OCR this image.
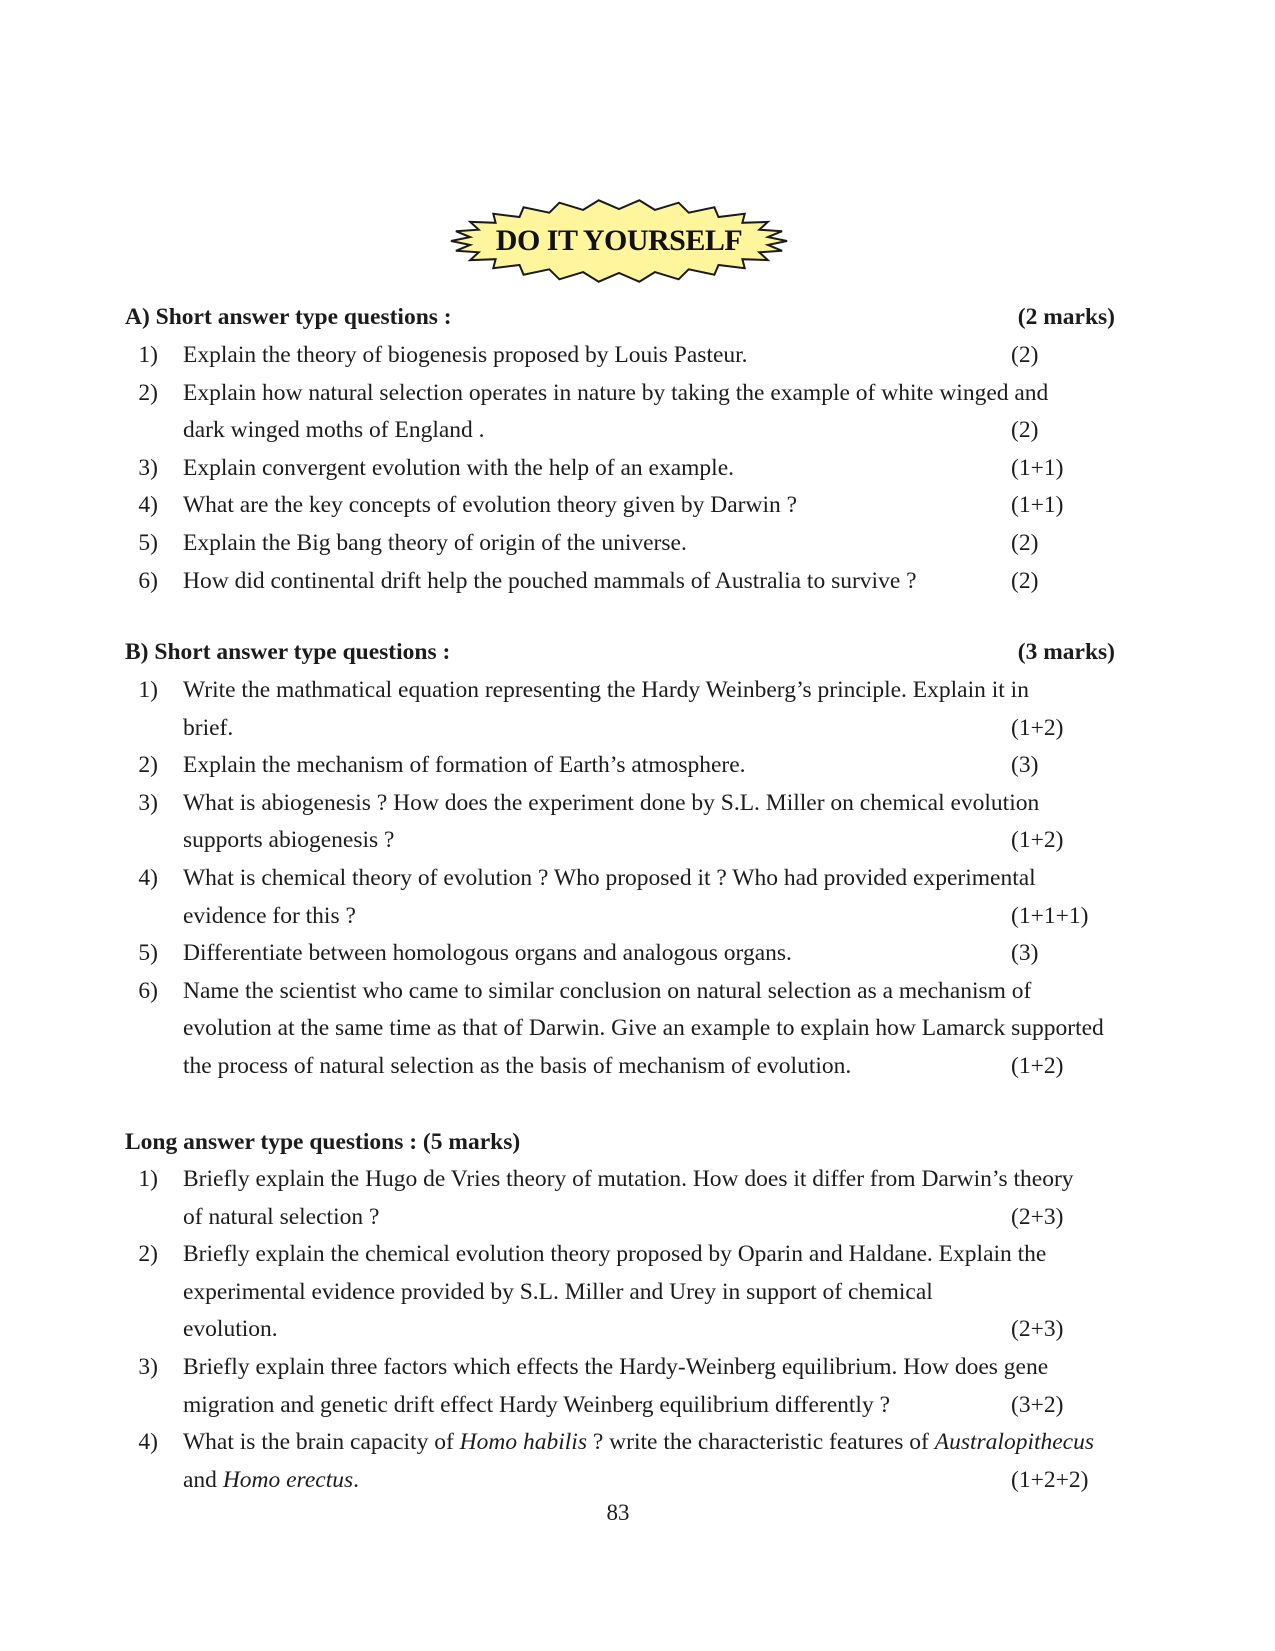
DO IT YOURSELF
A) Short answer type questions :	(2 marks)
1) Explain the theory of biogenesis proposed by Louis Pasteur.	(2)
2) Explain how natural selection operates in nature by taking the example of white winged and
dark winged moths of England .	(2)
3) Explain convergent evolution with the help of an example.	(1+1)
4) What are the key concepts of evolution theory given by Darwin ?	(1+1)
5) Explain the Big bang theory of origin of the universe.	(2)
6) How did continental drift help the pouched mammals of Australia to survive ?	(2)
B) Short answer type questions :	(3 marks)
1) Write the mathmatical equation representing the Hardy Weinberg’s principle. Explain it in
brief.	(1+2)
2) Explain the mechanism of formation of Earth’s atmosphere.	(3)
3) What is abiogenesis ? How does the experiment done by S.L. Miller on chemical evolution
supports abiogenesis ?	(1+2)
4) What is chemical theory of evolution ? Who proposed it ? Who had provided experimental
evidence for this ?	(1+1+1)
5) Differentiate between homologous organs and analogous organs.	(3)
6) Name the scientist who came to similar conclusion on natural selection as a mechanism of
evolution at the same time as that of Darwin. Give an example to explain how Lamarck supported
the process of natural selection as the basis of mechanism of evolution.	(1+2)
Long answer type questions : (5 marks)
1) Briefly explain the Hugo de Vries theory of mutation. How does it differ from Darwin’s theory
of natural selection ?	(2+3)
2) Briefly explain the chemical evolution theory proposed by Oparin and Haldane. Explain the
experimental evidence provided by S.L. Miller and Urey in support of chemical
evolution.	(2+3)
3) Briefly explain three factors which effects the Hardy-Weinberg equilibrium. How does gene
migration and genetic drift effect Hardy Weinberg equilibrium differently ?	(3+2)
4) What is the brain capacity of Homo habilis ? write the characteristic features of Australopithecus
and Homo erectus.	(1+2+2)
83
